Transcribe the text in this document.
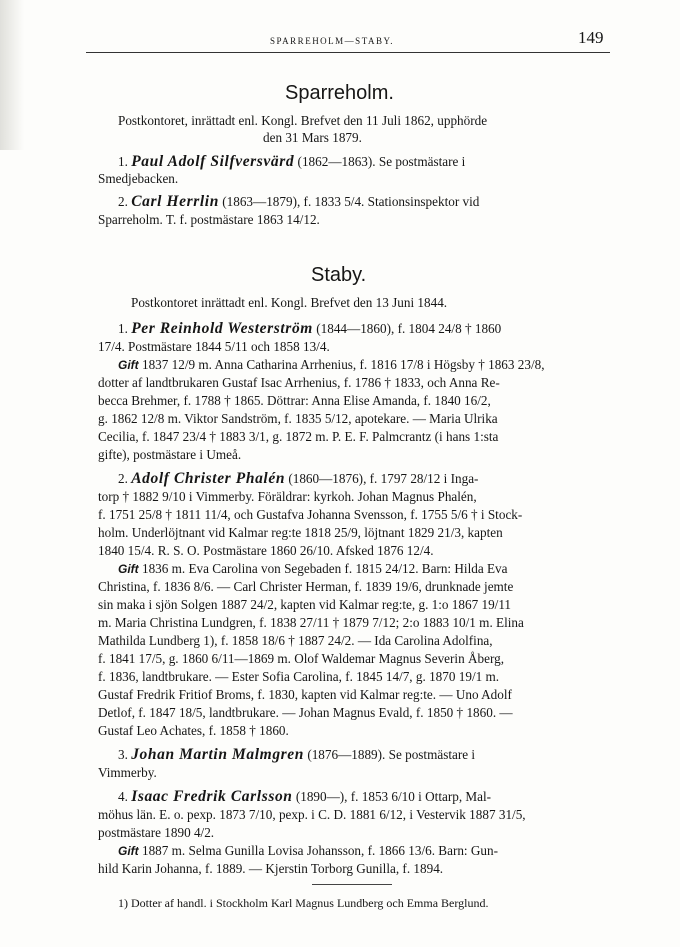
SPARREHOLM—STABY.	149
Sparreholm.
Postkontoret, inrättadt enl. Kongl. Brefvet den 11 Juli 1862, upphörde
den 31 Mars 1879.
1. Paul Adolf Silfversvärd (1862—1863). Se postmästare i
Smedjebacken.
2. Carl Herrlin (1863—1879), f. 1833 5/4. Stationsinspektor vid
Sparreholm. T. f. postmästare 1863 14/12.
Staby.
Postkontoret inrättadt enl. Kongl. Brefvet den 13 Juni 1844.
1. Per Reinhold Westerström (1844—1860), f. 1804 24/8 † 1860
17/4. Postmästare 1844 5/11 och 1858 13/4.
Gift 1837 12/9 m. Anna Catharina Arrhenius, f. 1816 17/8 i Högsby † 1863 23/8,
dotter af landtbrukaren Gustaf Isac Arrhenius, f. 1786 † 1833, och Anna Re-
becca Brehmer, f. 1788 † 1865. Döttrar: Anna Elise Amanda, f. 1840 16/2,
g. 1862 12/8 m. Viktor Sandström, f. 1835 5/12, apotekare. — Maria Ulrika
Cecilia, f. 1847 23/4 † 1883 3/1, g. 1872 m. P. E. F. Palmcrantz (i hans 1:sta
gifte), postmästare i Umeå.
2. Adolf Christer Phalén (1860—1876), f. 1797 28/12 i Inga-
torp † 1882 9/10 i Vimmerby. Föräldrar: kyrkoh. Johan Magnus Phalén,
f. 1751 25/8 † 1811 11/4, och Gustafva Johanna Svensson, f. 1755 5/6 † i Stock-
holm. Underlöjtnant vid Kalmar reg:te 1818 25/9, löjtnant 1829 21/3, kapten
1840 15/4. R. S. O. Postmästare 1860 26/10. Afsked 1876 12/4.
Gift 1836 m. Eva Carolina von Segebaden f. 1815 24/12. Barn: Hilda Eva
Christina, f. 1836 8/6. — Carl Christer Herman, f. 1839 19/6, drunknade jemte
sin maka i sjön Solgen 1887 24/2, kapten vid Kalmar reg:te, g. 1:o 1867 19/11
m. Maria Christina Lundgren, f. 1838 27/11 † 1879 7/12; 2:o 1883 10/1 m. Elina
Mathilda Lundberg 1), f. 1858 18/6 † 1887 24/2. — Ida Carolina Adolfina,
f. 1841 17/5, g. 1860 6/11—1869 m. Olof Waldemar Magnus Severin Åberg,
f. 1836, landtbrukare. — Ester Sofia Carolina, f. 1845 14/7, g. 1870 19/1 m.
Gustaf Fredrik Fritiof Broms, f. 1830, kapten vid Kalmar reg:te. — Uno Adolf
Detlof, f. 1847 18/5, landtbrukare. — Johan Magnus Evald, f. 1850 † 1860. —
Gustaf Leo Achates, f. 1858 † 1860.
3. Johan Martin Malmgren (1876—1889). Se postmästare i
Vimmerby.
4. Isaac Fredrik Carlsson (1890—), f. 1853 6/10 i Ottarp, Mal-
möhus län. E. o. pexp. 1873 7/10, pexp. i C. D. 1881 6/12, i Vestervik 1887 31/5,
postmästare 1890 4/2.
Gift 1887 m. Selma Gunilla Lovisa Johansson, f. 1866 13/6. Barn: Gun-
hild Karin Johanna, f. 1889. — Kjerstin Torborg Gunilla, f. 1894.
1) Dotter af handl. i Stockholm Karl Magnus Lundberg och Emma Berglund.
